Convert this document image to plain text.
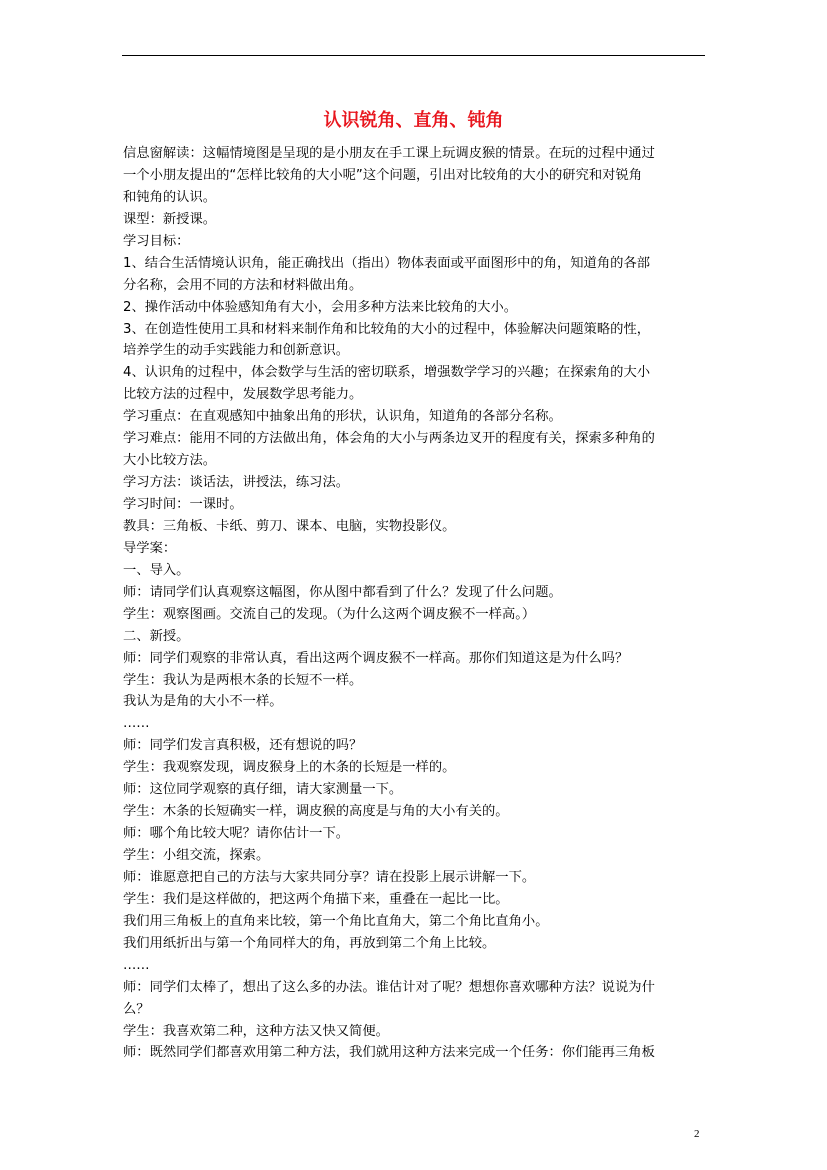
认识锐角、直角、钝角
信息窗解读：这幅情境图是呈现的是小朋友在手工课上玩调皮猴的情景。在玩的过程中通过
一个小朋友提出的“怎样比较角的大小呢”这个问题，引出对比较角的大小的研究和对锐角
和钝角的认识。
课型：新授课。
学习目标：
1、结合生活情境认识角，能正确找出（指出）物体表面或平面图形中的角，知道角的各部
分名称，会用不同的方法和材料做出角。
2、操作活动中体验感知角有大小，会用多种方法来比较角的大小。
3、在创造性使用工具和材料来制作角和比较角的大小的过程中，体验解决问题策略的性，
培养学生的动手实践能力和创新意识。
4、认识角的过程中，体会数学与生活的密切联系，增强数学学习的兴趣；在探索角的大小
比较方法的过程中，发展数学思考能力。
学习重点：在直观感知中抽象出角的形状，认识角，知道角的各部分名称。
学习难点：能用不同的方法做出角，体会角的大小与两条边叉开的程度有关，探索多种角的
大小比较方法。
学习方法：谈话法，讲授法，练习法。
学习时间：一课时。
教具：三角板、卡纸、剪刀、课本、电脑，实物投影仪。
导学案：
一、导入。
师：请同学们认真观察这幅图，你从图中都看到了什么？发现了什么问题。
学生：观察图画。交流自己的发现。（为什么这两个调皮猴不一样高。）
二、新授。
师：同学们观察的非常认真，看出这两个调皮猴不一样高。那你们知道这是为什么吗？
学生：我认为是两根木条的长短不一样。
我认为是角的大小不一样。
……
师：同学们发言真积极，还有想说的吗？
学生：我观察发现，调皮猴身上的木条的长短是一样的。
师：这位同学观察的真仔细，请大家测量一下。
学生：木条的长短确实一样，调皮猴的高度是与角的大小有关的。
师：哪个角比较大呢？请你估计一下。
学生：小组交流，探索。
师：谁愿意把自己的方法与大家共同分享？请在投影上展示讲解一下。
学生：我们是这样做的，把这两个角描下来，重叠在一起比一比。
我们用三角板上的直角来比较，第一个角比直角大，第二个角比直角小。
我们用纸折出与第一个角同样大的角，再放到第二个角上比较。
……
师：同学们太棒了，想出了这么多的办法。谁估计对了呢？想想你喜欢哪种方法？说说为什
么？
学生：我喜欢第二种，这种方法又快又简便。
师：既然同学们都喜欢用第二种方法，我们就用这种方法来完成一个任务：你们能再三角板
2
